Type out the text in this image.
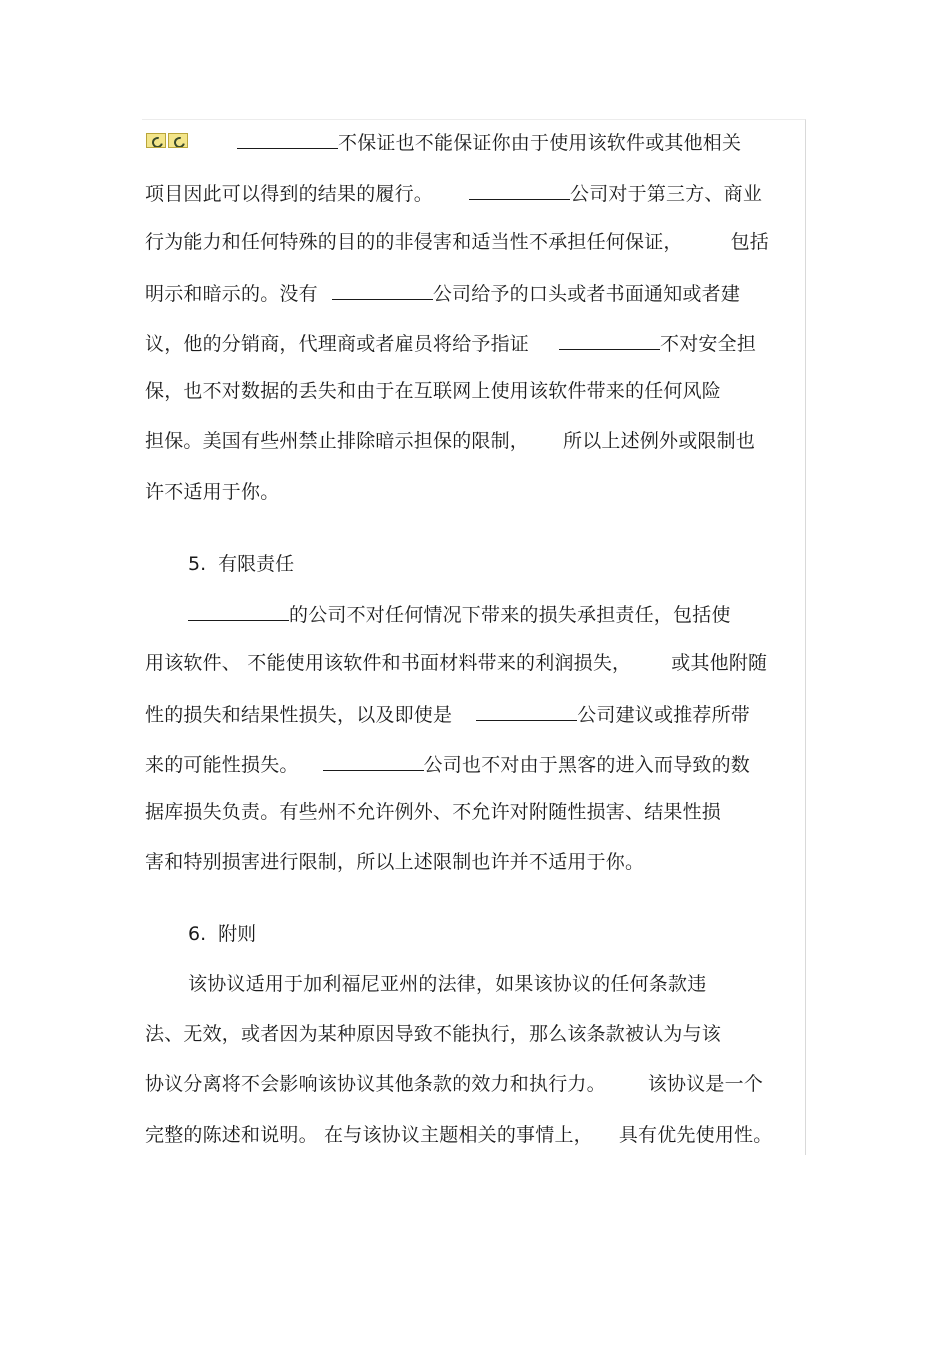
不保证也不能保证你由于使用该软件或其他相关
项目因此可以得到的结果的履行。	公司对于第三方、商业
行为能力和任何特殊的目的的非侵害和适当性不承担任何保证，	包括
明示和暗示的。没有	公司给予的口头或者书面通知或者建
议，他的分销商，代理商或者雇员将给予指证	不对安全担
保，也不对数据的丢失和由于在互联网上使用该软件带来的任何风险
担保。美国有些州禁止排除暗示担保的限制， 所以上述例外或限制也
许不适用于你。
5. 有限责任
的公司不对任何情况下带来的损失承担责任，包括使
用该软件、 不能使用该软件和书面材料带来的利润损失， 或其他附随
性的损失和结果性损失，以及即使是	公司建议或推荐所带
来的可能性损失。	公司也不对由于黑客的进入而导致的数
据库损失负责。有些州不允许例外、不允许对附随性损害、结果性损
害和特别损害进行限制，所以上述限制也许并不适用于你。
6. 附则
该协议适用于加利福尼亚州的法律，如果该协议的任何条款违
法、无效，或者因为某种原因导致不能执行，那么该条款被认为与该
协议分离将不会影响该协议其他条款的效力和执行力。 该协议是一个
完整的陈述和说明。 在与该协议主题相关的事情上， 具有优先使用性。
